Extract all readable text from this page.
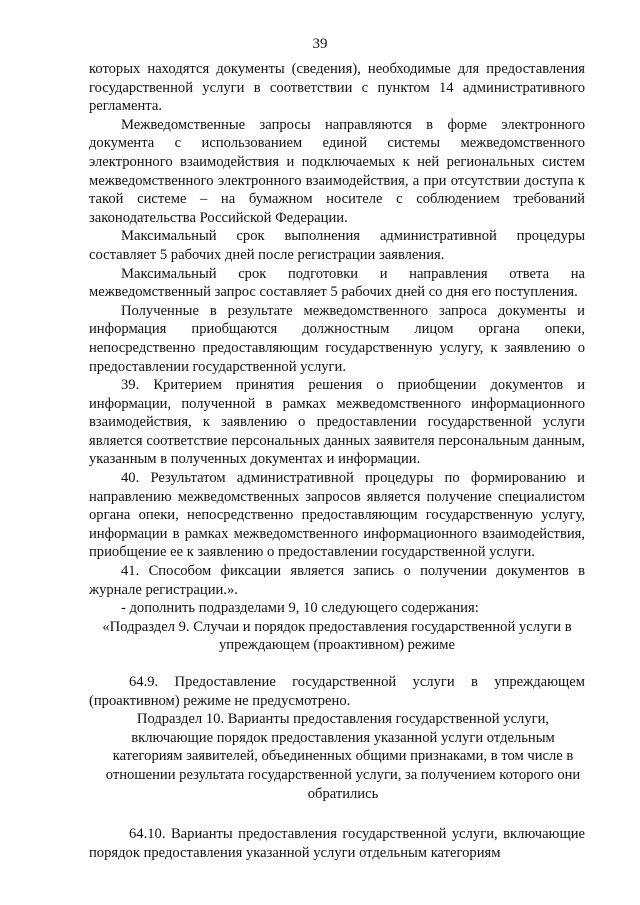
39

которых находятся документы (сведения), необходимые для предоставления государственной услуги в соответствии с пунктом 14 административного регламента.

Межведомственные запросы направляются в форме электронного документа с использованием единой системы межведомственного электронного взаимодействия и подключаемых к ней региональных систем межведомственного электронного взаимодействия, а при отсутствии доступа к такой системе – на бумажном носителе с соблюдением требований законодательства Российской Федерации.

Максимальный срок выполнения административной процедуры составляет 5 рабочих дней после регистрации заявления.

Максимальный срок подготовки и направления ответа на межведомственный запрос составляет 5 рабочих дней со дня его поступления.

Полученные в результате межведомственного запроса документы и информация приобщаются должностным лицом органа опеки, непосредственно предоставляющим государственную услугу, к заявлению о предоставлении государственной услуги.

39. Критерием принятия решения о приобщении документов и информации, полученной в рамках межведомственного информационного взаимодействия, к заявлению о предоставлении государственной услуги является соответствие персональных данных заявителя персональным данным, указанным в полученных документах и информации.

40. Результатом административной процедуры по формированию и направлению межведомственных запросов является получение специалистом органа опеки, непосредственно предоставляющим государственную услугу, информации в рамках межведомственного информационного взаимодействия, приобщение ее к заявлению о предоставлении государственной услуги.

41. Способом фиксации является запись о получении документов в журнале регистрации.».

- дополнить подразделами 9, 10 следующего содержания:

«Подраздел 9. Случаи и порядок предоставления государственной услуги в упреждающем (проактивном) режиме

64.9. Предоставление государственной услуги в упреждающем (проактивном) режиме не предусмотрено.

Подраздел 10. Варианты предоставления государственной услуги, включающие порядок предоставления указанной услуги отдельным категориям заявителей, объединенных общими признаками, в том числе в отношении результата государственной услуги, за получением которого они обратились

64.10. Варианты предоставления государственной услуги, включающие порядок предоставления указанной услуги отдельным категориям
